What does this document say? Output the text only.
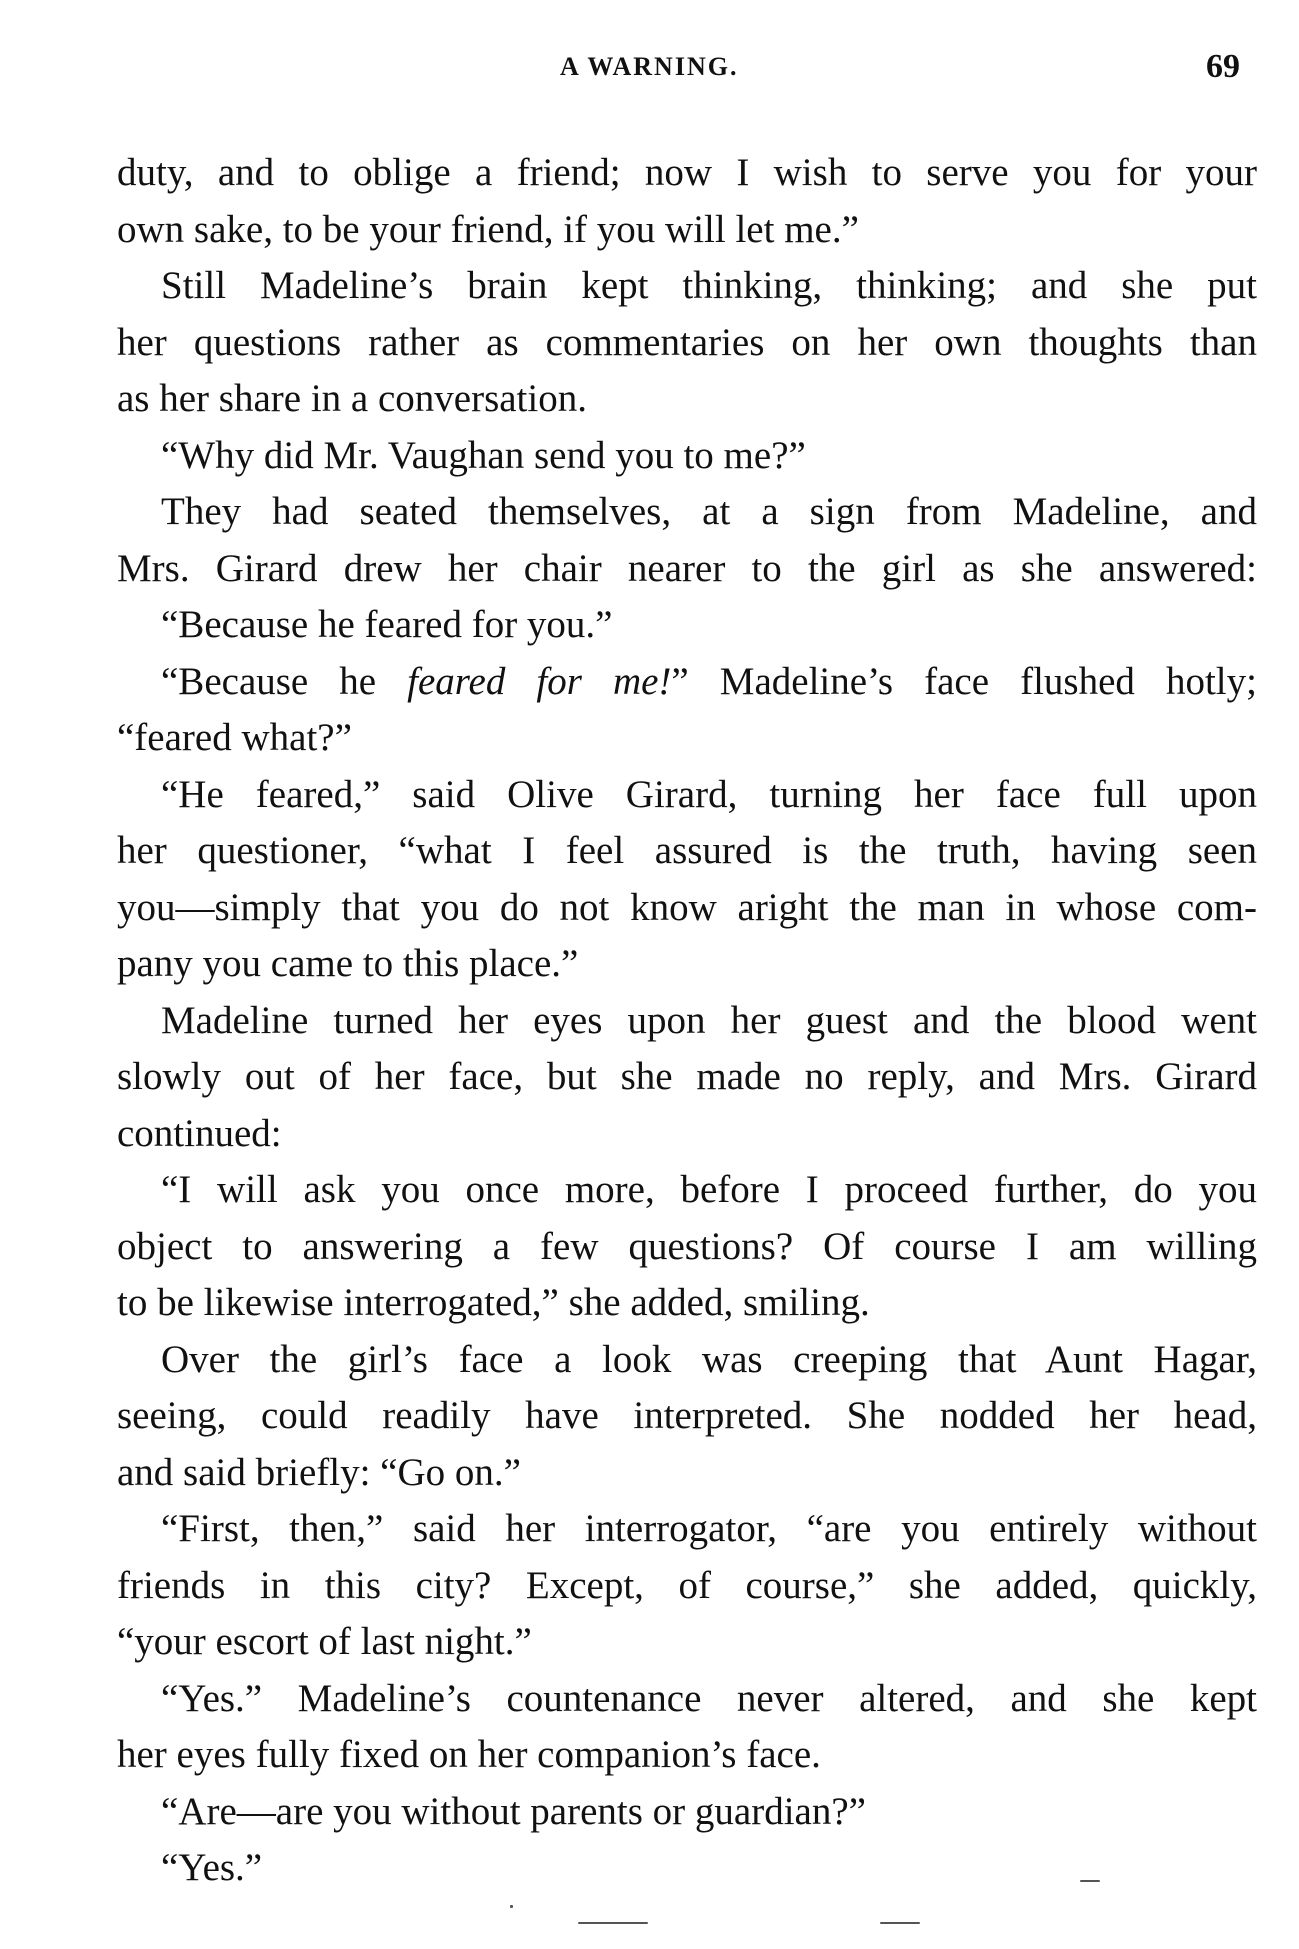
A WARNING.	69
duty, and to oblige a friend; now I wish to serve you for your
own sake, to be your friend, if you will let me.”
Still Madeline’s brain kept thinking, thinking; and she put
her questions rather as commentaries on her own thoughts than
as her share in a conversation.
“Why did Mr. Vaughan send you to me?”
They had seated themselves, at a sign from Madeline, and
Mrs. Girard drew her chair nearer to the girl as she answered:
“Because he feared for you.”
“Because he feared for me!” Madeline’s face flushed hotly;
“feared what?”
“He feared,” said Olive Girard, turning her face full upon
her questioner, “what I feel assured is the truth, having seen
you—simply that you do not know aright the man in whose com-
pany you came to this place.”
Madeline turned her eyes upon her guest and the blood went
slowly out of her face, but she made no reply, and Mrs. Girard
continued:
“I will ask you once more, before I proceed further, do you
object to answering a few questions? Of course I am willing
to be likewise interrogated,” she added, smiling.
Over the girl’s face a look was creeping that Aunt Hagar,
seeing, could readily have interpreted. She nodded her head,
and said briefly: “Go on.”
“First, then,” said her interrogator, “are you entirely without
friends in this city? Except, of course,” she added, quickly,
“your escort of last night.”
“Yes.” Madeline’s countenance never altered, and she kept
her eyes fully fixed on her companion’s face.
“Are—are you without parents or guardian?”
“Yes.”
